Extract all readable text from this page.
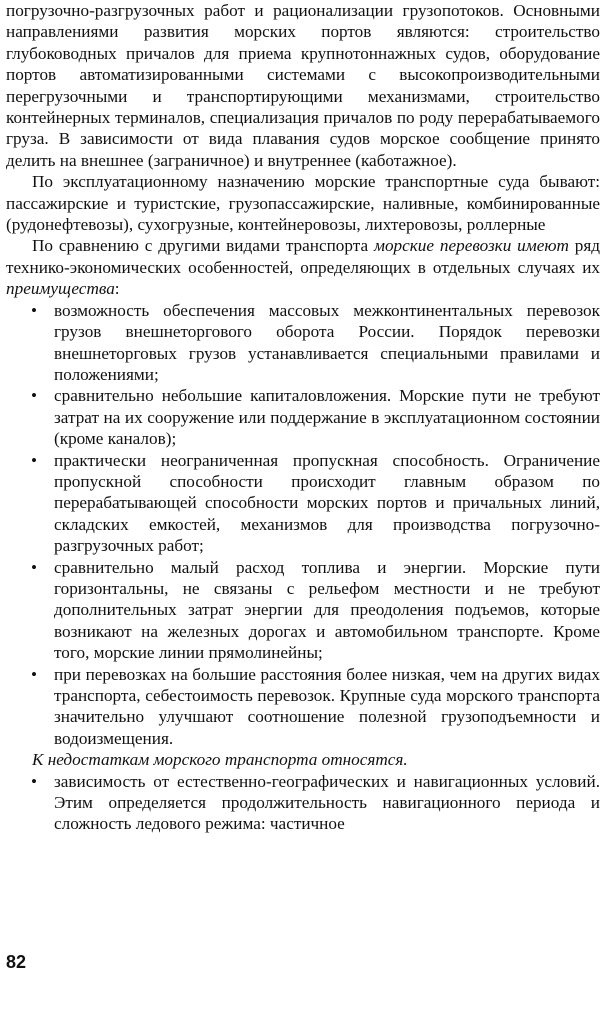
погрузочно-разгрузочных работ и рационализации грузопотоков. Основными направлениями развития морских портов являются: строительство глубоководных причалов для приема крупнотоннажных судов, оборудование портов автоматизированными системами с высокопроизводительными перегрузочными и транспортирующими механизмами, строительство контейнерных терминалов, специализация причалов по роду перерабатываемого груза. В зависимости от вида плавания судов морское сообщение принято делить на внешнее (заграничное) и внутреннее (каботажное).

По эксплуатационному назначению морские транспортные суда бывают: пассажирские и туристские, грузопассажирские, наливные, комбинированные (рудонефтевозы), сухогрузные, контейнеровозы, лихтеровозы, роллерные

По сравнению с другими видами транспорта морские перевозки имеют ряд технико-экономических особенностей, определяющих в отдельных случаях их преимущества:

• возможность обеспечения массовых межконтинентальных перевозок грузов внешнеторгового оборота России. Порядок перевозки внешнеторговых грузов устанавливается специальными правилами и положениями;
• сравнительно небольшие капиталовложения. Морские пути не требуют затрат на их сооружение или поддержание в эксплуатационном состоянии (кроме каналов);
• практически неограниченная пропускная способность. Ограничение пропускной способности происходит главным образом по перерабатывающей способности морских портов и причальных линий, складских емкостей, механизмов для производства погрузочно-разгрузочных работ;
• сравнительно малый расход топлива и энергии. Морские пути горизонтальны, не связаны с рельефом местности и не требуют дополнительных затрат энергии для преодоления подъемов, которые возникают на железных дорогах и автомобильном транспорте. Кроме того, морские линии прямолинейны;
• при перевозках на большие расстояния более низкая, чем на других видах транспорта, себестоимость перевозок. Крупные суда морского транспорта значительно улучшают соотношение полезной грузоподъемности и водоизмещения.

К недостаткам морского транспорта относятся.

• зависимость от естественно-географических и навигационных условий. Этим определяется продолжительность навигационного периода и сложность ледового режима: частичное
82
